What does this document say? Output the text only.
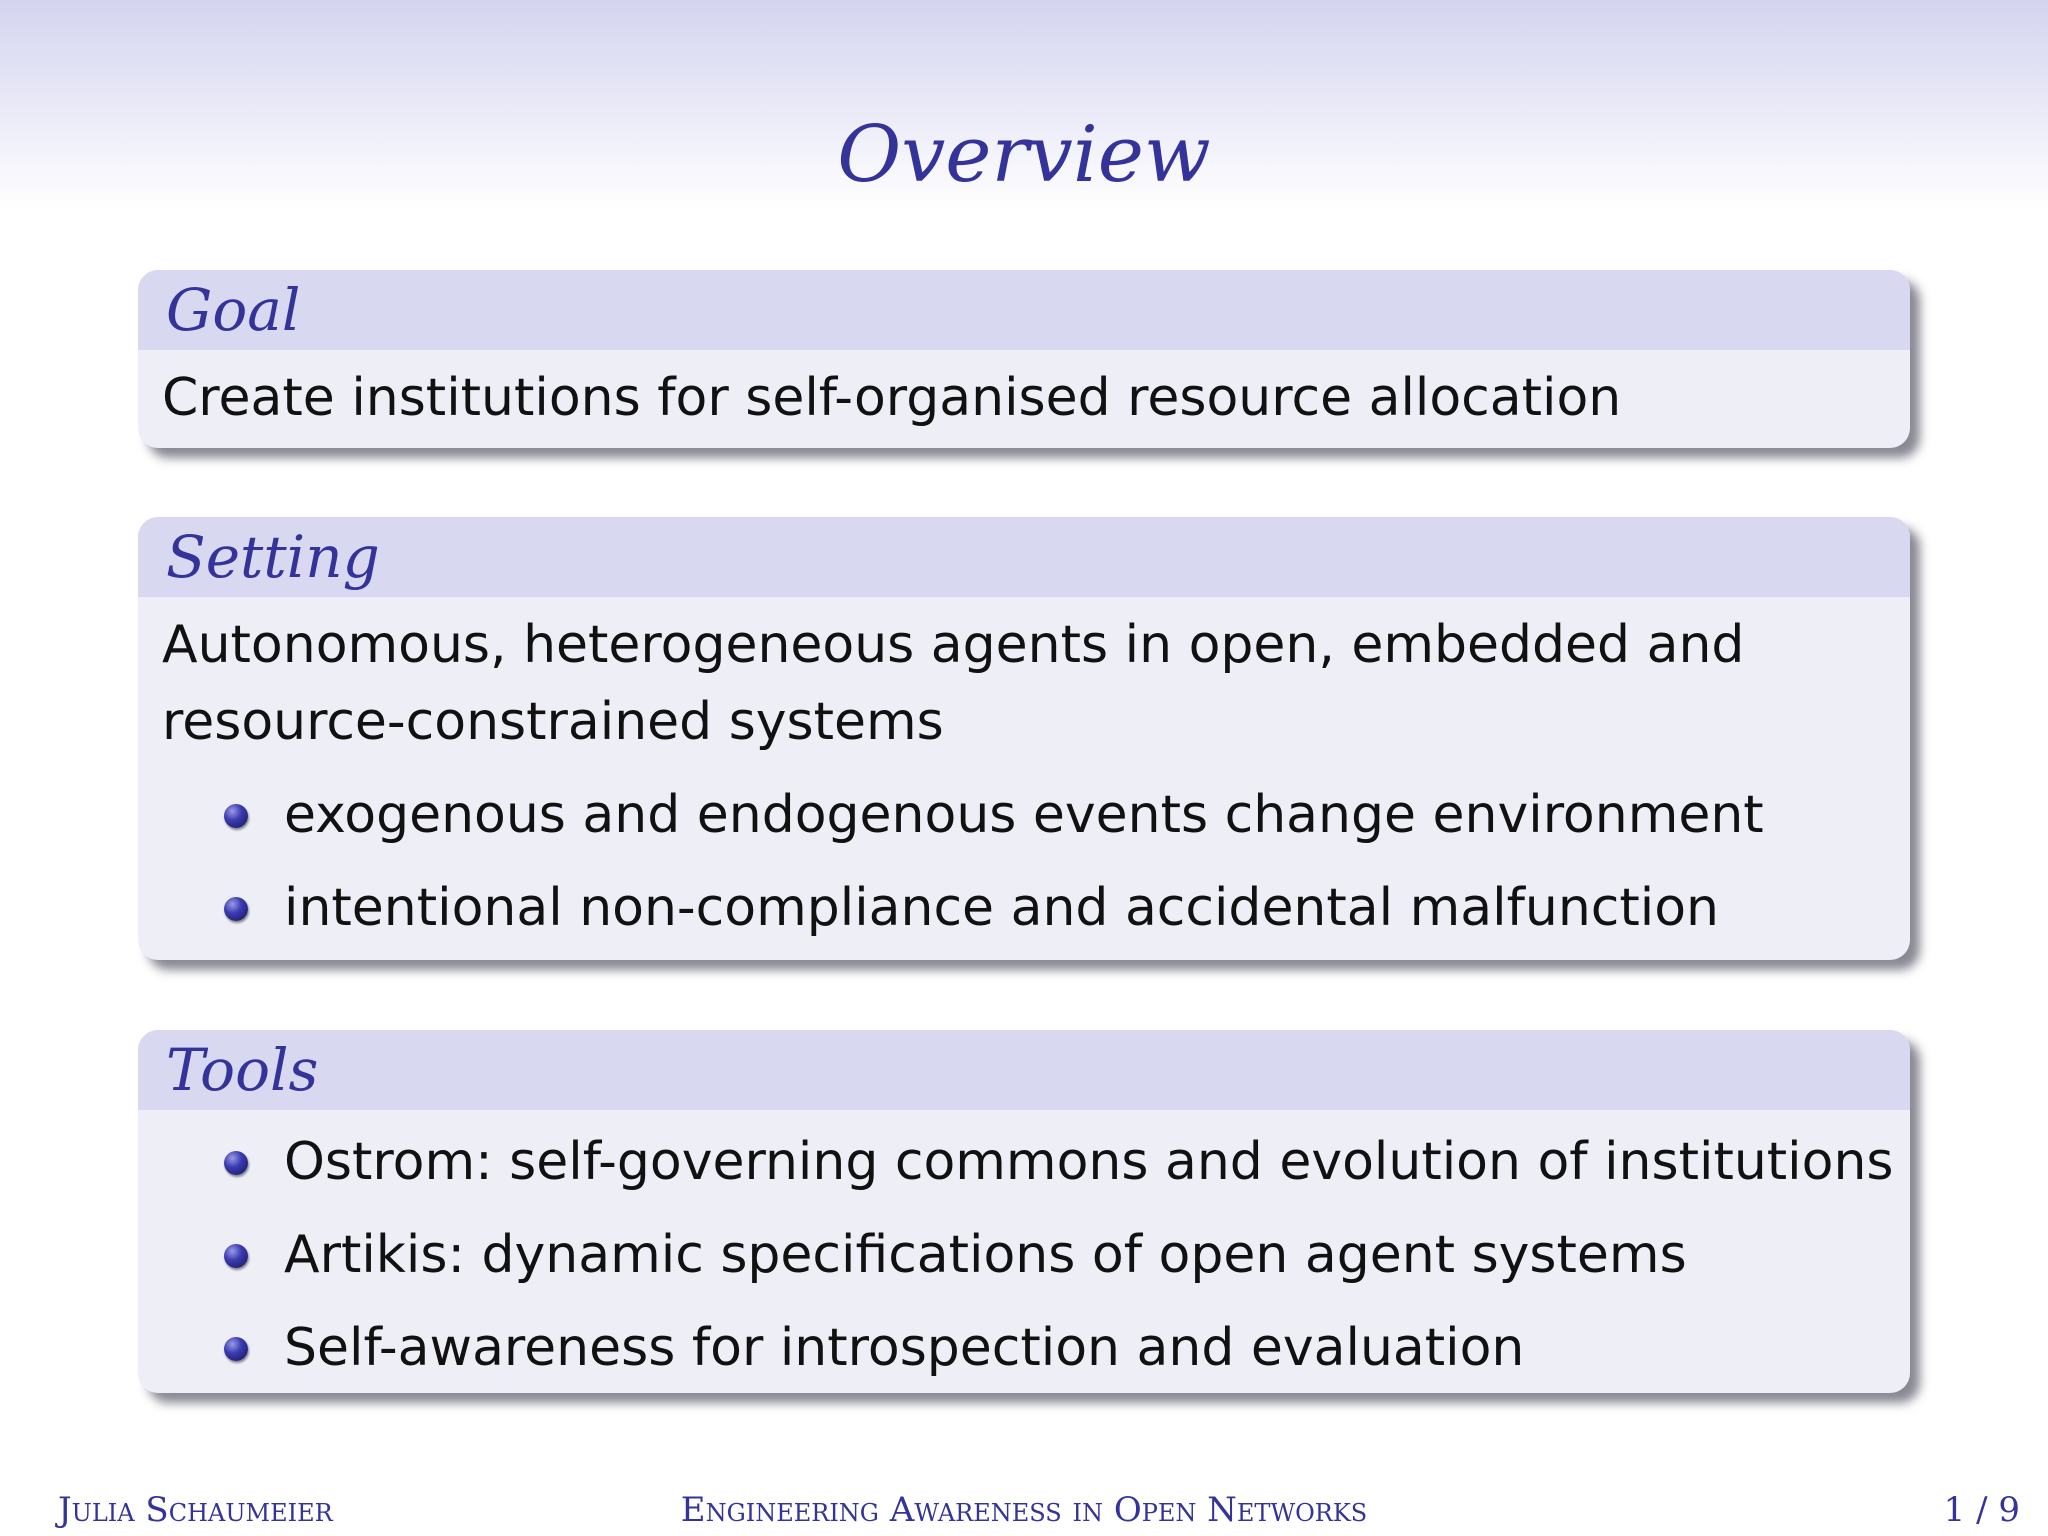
Overview
Goal

Create institutions for self-organised resource allocation

Setting

Autonomous, heterogeneous agents in open, embedded and

resource-constrained systems

exogenous and endogenous events change environment
intentional non-compliance and accidental malfunction
Tools
Ostrom: self-governing commons and evolution of institutions
Artikis: dynamic specifications of open agent systems
Self-awareness for introspection and evaluation
Julia Schaumeier	Engineering Awareness in Open Networks	1 / 9
